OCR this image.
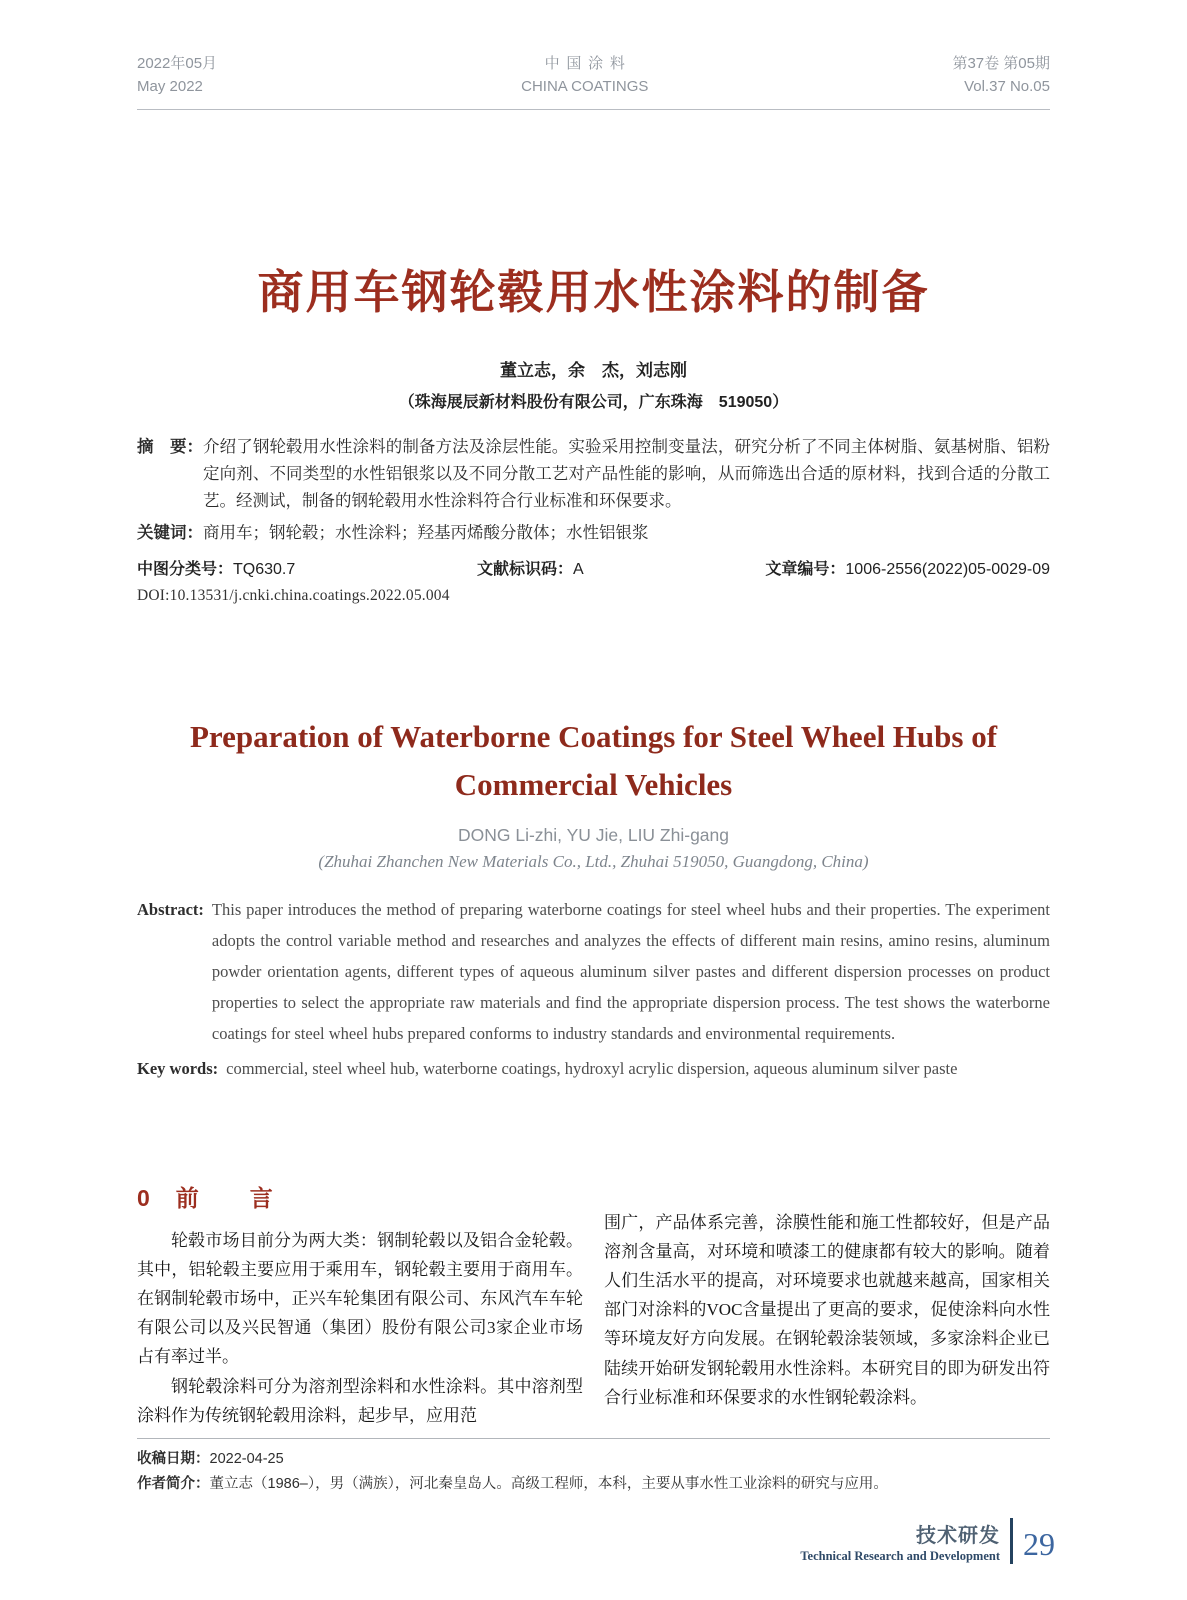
2022年05月
May 2022
中国涂料
CHINA COATINGS
第37卷 第05期
Vol.37 No.05
商用车钢轮毂用水性涂料的制备
董立志，余　杰，刘志刚
（珠海展辰新材料股份有限公司，广东珠海　519050）
摘　要： 介绍了钢轮毂用水性涂料的制备方法及涂层性能。实验采用控制变量法，研究分析了不同主体树脂、氨基树脂、铝粉定向剂、不同类型的水性铝银浆以及不同分散工艺对产品性能的影响，从而筛选出合适的原材料，找到合适的分散工艺。经测试，制备的钢轮毂用水性涂料符合行业标准和环保要求。
关键词： 商用车；钢轮毂；水性涂料；羟基丙烯酸分散体；水性铝银浆
中图分类号：TQ630.7	文献标识码：A	文章编号：1006-2556(2022)05-0029-09
DOI:10.13531/j.cnki.china.coatings.2022.05.004
Preparation of Waterborne Coatings for Steel Wheel Hubs of Commercial Vehicles
DONG Li-zhi, YU Jie, LIU Zhi-gang
(Zhuhai Zhanchen New Materials Co., Ltd., Zhuhai 519050, Guangdong, China)
Abstract: This paper introduces the method of preparing waterborne coatings for steel wheel hubs and their properties. The experiment adopts the control variable method and researches and analyzes the effects of different main resins, amino resins, aluminum powder orientation agents, different types of aqueous aluminum silver pastes and different dispersion processes on product properties to select the appropriate raw materials and find the appropriate dispersion process. The test shows the waterborne coatings for steel wheel hubs prepared conforms to industry standards and environmental requirements.
Key words: commercial, steel wheel hub, waterborne coatings, hydroxyl acrylic dispersion, aqueous aluminum silver paste
0 前　言

轮毂市场目前分为两大类：钢制轮毂以及铝合金轮毂。其中，铝轮毂主要应用于乘用车，钢轮毂主要用于商用车。在钢制轮毂市场中，正兴车轮集团有限公司、东风汽车车轮有限公司以及兴民智通（集团）股份有限公司3家企业市场占有率过半。

钢轮毂涂料可分为溶剂型涂料和水性涂料。其中溶剂型涂料作为传统钢轮毂用涂料，起步早，应用范

围广，产品体系完善，涂膜性能和施工性都较好，但是产品溶剂含量高，对环境和喷漆工的健康都有较大的影响。随着人们生活水平的提高，对环境要求也就越来越高，国家相关部门对涂料的VOC含量提出了更高的要求，促使涂料向水性等环境友好方向发展。在钢轮毂涂装领域，多家涂料企业已陆续开始研发钢轮毂用水性涂料。本研究目的即为研发出符合行业标准和环保要求的水性钢轮毂涂料。

收稿日期：2022-04-25
作者简介：董立志（1986–），男（满族），河北秦皇岛人。高级工程师，本科，主要从事水性工业涂料的研究与应用。
技术研发
Technical Research and Development 29
